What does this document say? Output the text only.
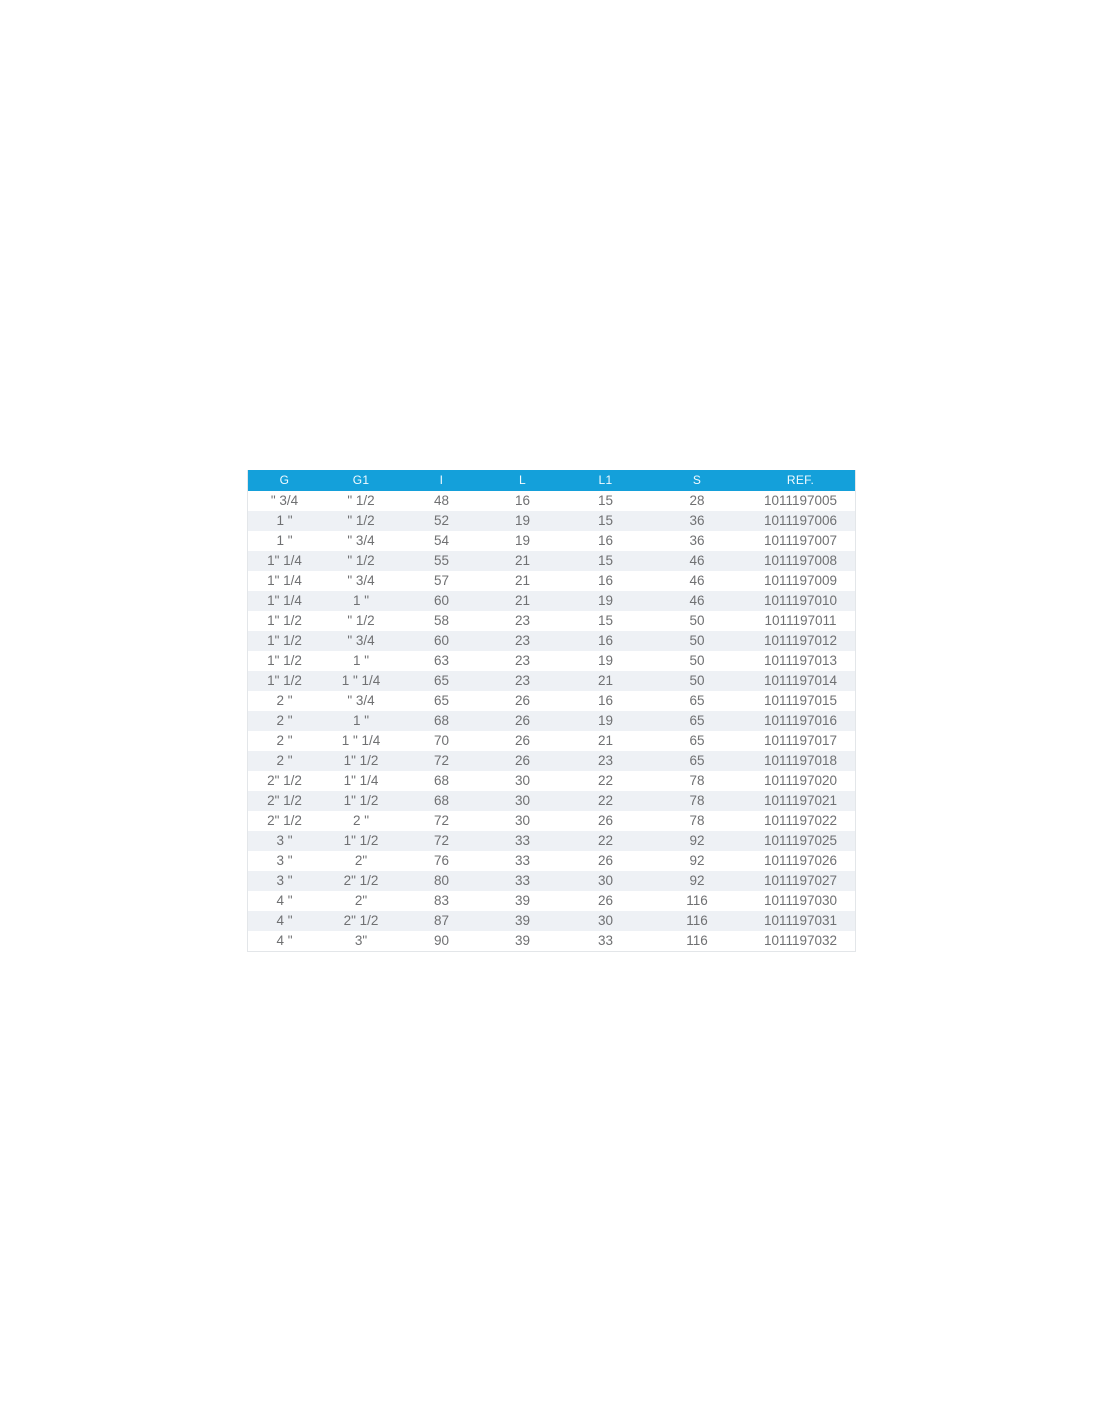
G	G1	I	L	L1	S	REF.
" 3/4	" 1/2	48	16	15	28	1011197005
1 "	" 1/2	52	19	15	36	1011197006
1 "	" 3/4	54	19	16	36	1011197007
1" 1/4	" 1/2	55	21	15	46	1011197008
1" 1/4	" 3/4	57	21	16	46	1011197009
1" 1/4	1 "	60	21	19	46	1011197010
1" 1/2	" 1/2	58	23	15	50	1011197011
1" 1/2	" 3/4	60	23	16	50	1011197012
1" 1/2	1 "	63	23	19	50	1011197013
1" 1/2	1 " 1/4	65	23	21	50	1011197014
2 "	" 3/4	65	26	16	65	1011197015
2 "	1 "	68	26	19	65	1011197016
2 "	1 " 1/4	70	26	21	65	1011197017
2 "	1" 1/2	72	26	23	65	1011197018
2" 1/2	1" 1/4	68	30	22	78	1011197020
2" 1/2	1" 1/2	68	30	22	78	1011197021
2" 1/2	2 "	72	30	26	78	1011197022
3 "	1" 1/2	72	33	22	92	1011197025
3 "	2"	76	33	26	92	1011197026
3 "	2" 1/2	80	33	30	92	1011197027
4 "	2"	83	39	26	116	1011197030
4 "	2" 1/2	87	39	30	116	1011197031
4 "	3"	90	39	33	116	1011197032
